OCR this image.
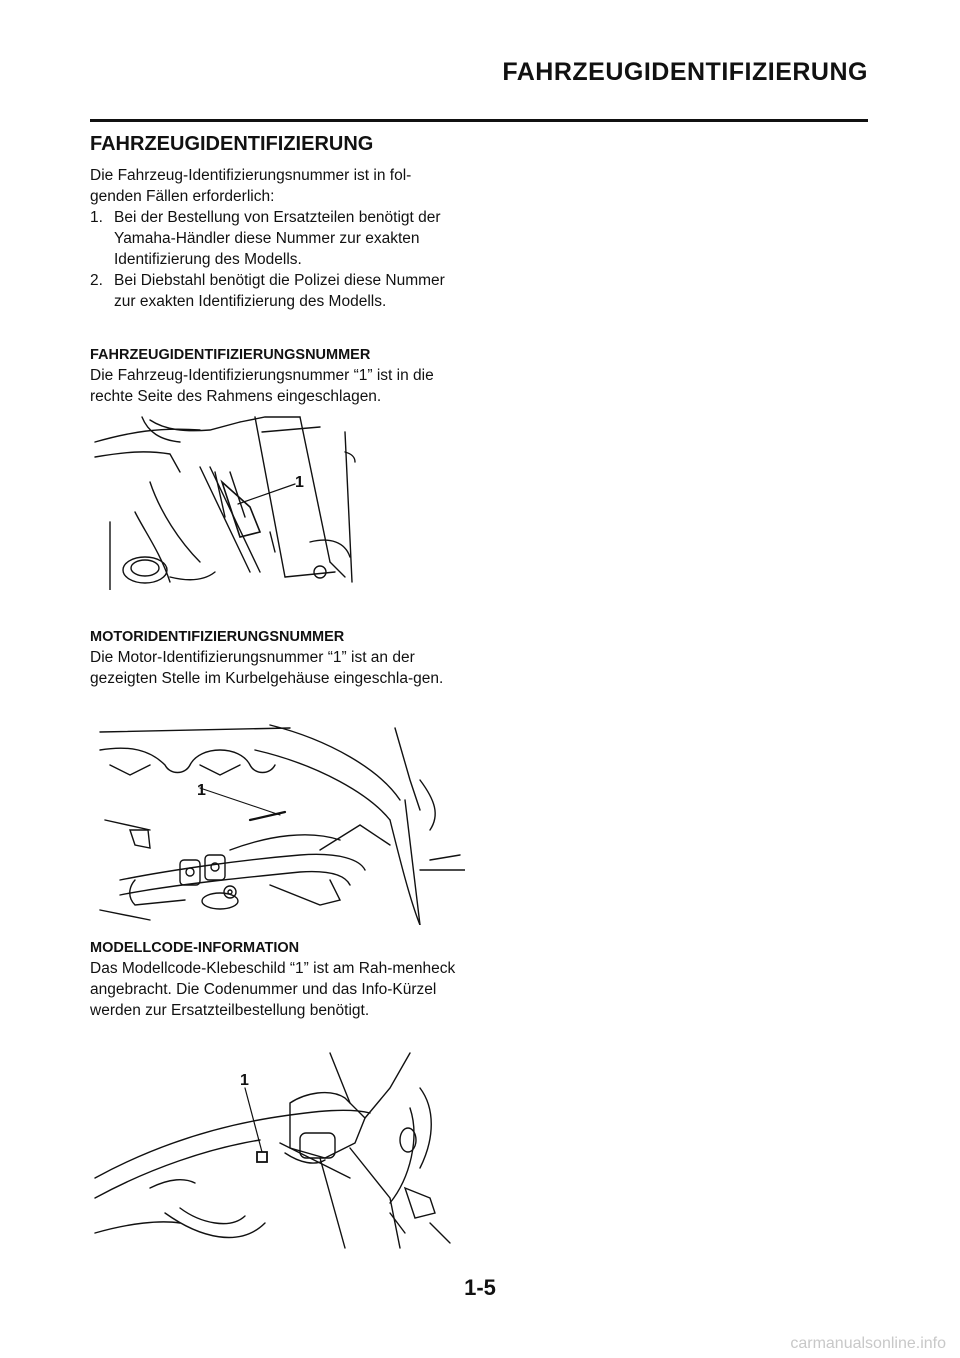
FAHRZEUGIDENTIFIZIERUNG
FAHRZEUGIDENTIFIZIERUNG

Die Fahrzeug-Identifizierungsnummer ist in fol-
genden Fällen erforderlich:

1. Bei der Bestellung von Ersatzteilen benötigt der Yamaha-Händler diese Nummer zur exakten Identifizierung des Modells.
2. Bei Diebstahl benötigt die Polizei diese Nummer zur exakten Identifizierung des Modells.
FAHRZEUGIDENTIFIZIERUNGSNUMMER

Die Fahrzeug-Identifizierungsnummer “1” ist in die rechte Seite des Rahmens eingeschlagen.

1
MOTORIDENTIFIZIERUNGSNUMMER

Die Motor-Identifizierungsnummer “1” ist an der gezeigten Stelle im Kurbelgehäuse eingeschla-gen.

1
MODELLCODE-INFORMATION

Das Modellcode-Klebeschild “1” ist am Rah-menheck angebracht. Die Codenummer und das Info-Kürzel werden zur Ersatzteilbestellung benötigt.

1
1-5
carmanualsonline.info
